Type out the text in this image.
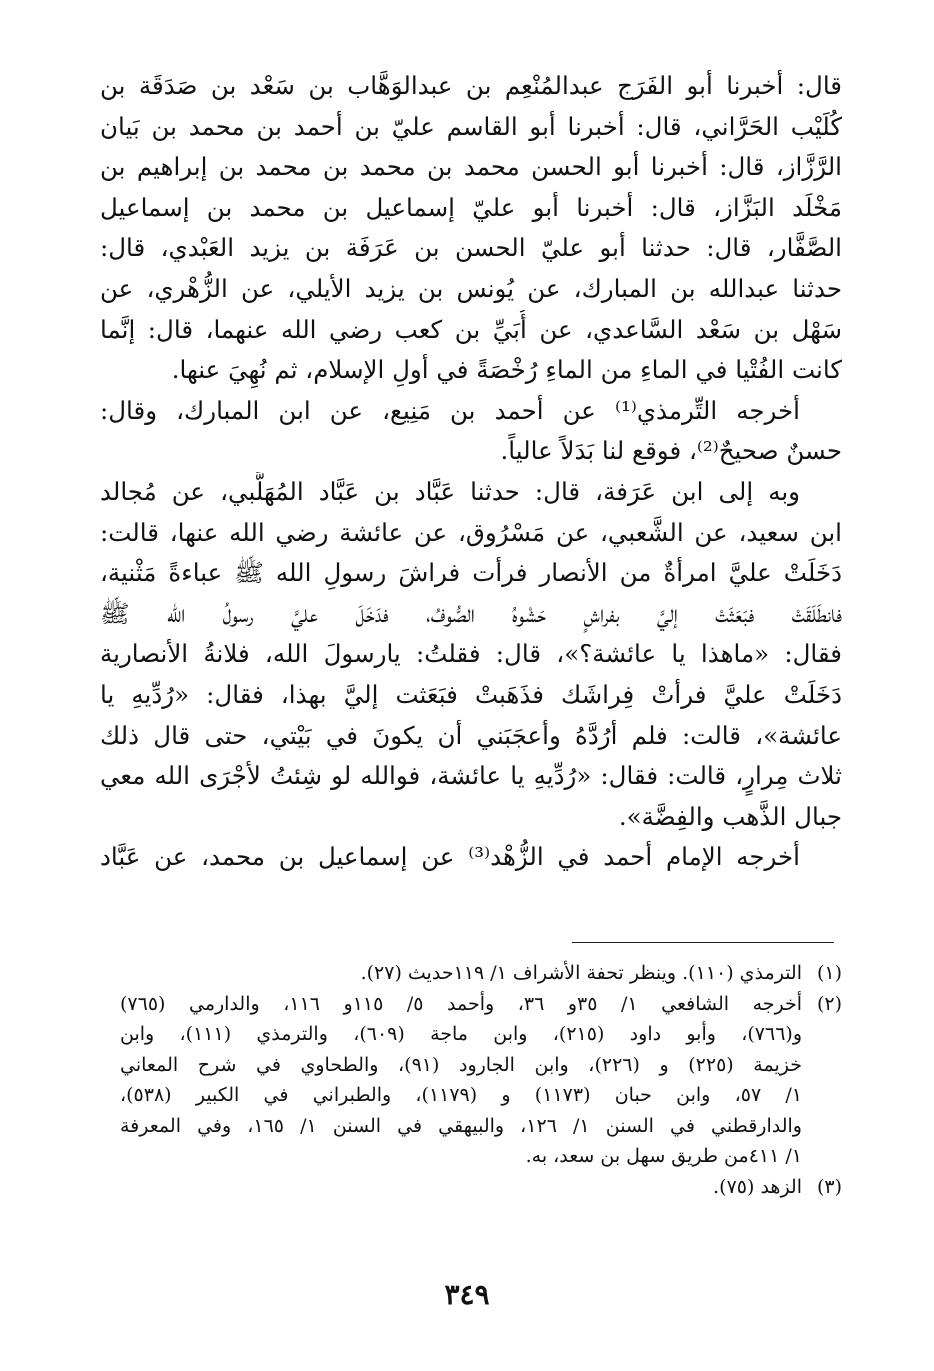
قال: أخبرنا أبو الفَرَج عبدالمُنْعِم بن عبدالوَهَّاب بن سَعْد بن صَدَقَة بن
كُلَيْب الحَرَّاني، قال: أخبرنا أبو القاسم عليّ بن أحمد بن محمد بن بَيان
الرَّزَّاز، قال: أخبرنا أبو الحسن محمد بن محمد بن محمد بن إبراهيم بن
مَخْلَد البَزَّاز، قال: أخبرنا أبو عليّ إسماعيل بن محمد بن إسماعيل
الصَّفَّار، قال: حدثنا أبو عليّ الحسن بن عَرَفَة بن يزيد العَبْدي، قال:
حدثنا عبدالله بن المبارك، عن يُونس بن يزيد الأيلي، عن الزُّهْري، عن
سَهْل بن سَعْد السَّاعدي، عن أُبَيِّ بن كعب رضي الله عنهما، قال: إنَّما
كانت الفُتْيا في الماءِ من الماءِ رُخْصَةً في أولِ الإسلام، ثم نُهِيَ عنها.
أخرجه التِّرمذي⁽¹⁾ عن أحمد بن مَنِيع، عن ابن المبارك، وقال:
حسنٌ صحيحٌ⁽²⁾، فوقع لنا بَدَلاً عالياً.
وبه إلى ابن عَرَفة، قال: حدثنا عَبَّاد بن عَبَّاد المُهَلَّبي، عن مُجالد
ابن سعيد، عن الشَّعبي، عن مَسْرُوق، عن عائشة رضي الله عنها، قالت:
دَخَلَتْ عليَّ امرأةٌ من الأنصار فرأت فراشَ رسولِ الله ﷺ عباءةً مَثْنية،
فانطَلَقَتْ فبَعَثَتْ إليَّ بفراشٍ حَشْوهُ الصُّوفُ، فدَخَلَ عليَّ رسولُ الله ﷺ
فقال: «ماهذا يا عائشة؟»، قال: فقلتُ: يارسولَ الله، فلانةُ الأنصارية
دَخَلَتْ عليَّ فرأتْ فِراشَك فذَهَبتْ فبَعَثت إليَّ بهذا، فقال: «رُدِّيهِ يا
عائشة»، قالت: فلم أرُدَّهُ وأعجَبَني أن يكونَ في بَيْتي، حتى قال ذلك
ثلاث مِرارٍ، قالت: فقال: «رُدِّيهِ يا عائشة، فوالله لو شِئتُ لأجْرَى الله معي
جبال الذَّهب والفِضَّة».
أخرجه الإمام أحمد في الزُّهْد⁽³⁾ عن إسماعيل بن محمد، عن عَبَّاد
(١)
الترمذي (١١٠). وينظر تحفة الأشراف ١/ ١١٩حديث (٢٧).
(٢)
أخرجه الشافعي ١/ ٣٥و ٣٦، وأحمد ٥/ ١١٥و ١١٦، والدارمي (٧٦٥)
و(٧٦٦)، وأبو داود (٢١٥)، وابن ماجة (٦٠٩)، والترمذي (١١١)، وابن
خزيمة (٢٢٥) و (٢٢٦)، وابن الجارود (٩١)، والطحاوي في شرح المعاني
١/ ٥٧، وابن حبان (١١٧٣) و (١١٧٩)، والطبراني في الكبير (٥٣٨)،
والدارقطني في السنن ١/ ١٢٦، والبيهقي في السنن ١/ ١٦٥، وفي المعرفة
١/ ٤١١من طريق سهل بن سعد، به.
(٣)
الزهد (٧٥).
٣٤٩
